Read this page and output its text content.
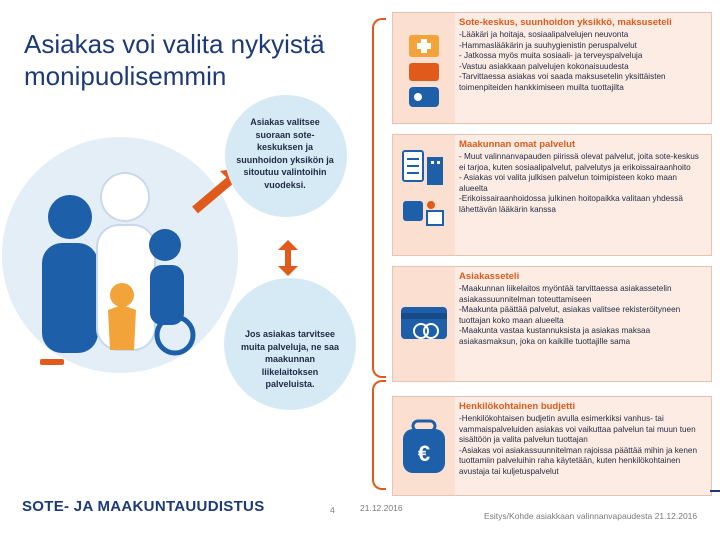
Asiakas voi valita nykyistä monipuolisemmin
Asiakas valitsee suoraan sote-keskuksen ja suunhoidon yksikön ja sitoutuu valintoihin vuodeksi.
Jos asiakas tarvitsee muita palveluja, ne saa maakunnan liikelaitoksen palveluista.
Sote-keskus, suunhoidon yksikkö, maksuseteli
-Lääkäri ja hoitaja, sosiaalipalvelujen neuvonta
-Hammaslääkärin ja suuhygienistin peruspalvelut
- Jatkossa myös muita sosiaali- ja terveyspalveluja
-Vastuu asiakkaan palvelujen kokonaisuudesta
-Tarvittaessa asiakas voi saada maksusetelin yksittäisten toimenpiteiden hankkimiseen muilta tuottajilta
Maakunnan omat palvelut
- Muut valinnanvapauden piirissä olevat palvelut, joita sote-keskus ei tarjoa, kuten sosiaalipalvelut, palvelutys ja erikoissairaanhoito
- Asiakas voi valita julkisen palvelun toimipisteen koko maan alueelta
-Erikoissairaanhoidossa julkinen hoitopaikka valitaan yhdessä lähettävän lääkärin kanssa
Asiakasseteli
-Maakunnan liikelaitos myöntää tarvittaessa asiakassetelin asiakassuunnitelman toteuttamiseen
-Maakunta päättää palvelut, asiakas valitsee rekisteröityneen tuottajan koko maan alueelta
-Maakunta vastaa kustannuksista ja asiakas maksaa asiakasmaksun, joka on kaikille tuottajille sama
€
Henkilökohtainen budjetti
-Henkilökohtaisen budjetin avulla esimerkiksi vanhus- tai vammaispalveluiden asiakas voi vaikuttaa palvelun tai muun tuen sisältöön ja valita palvelun tuottajan
-Asiakas voi asiakassuunnitelman rajoissa päättää mihin ja kenen tuottamiin palveluihin raha käytetään, kuten henkilökohtainen avustaja tai kuljetuspalvelut
SOTE- JA MAAKUNTAUUDISTUS	4	21.12.2016
Esitys/Kohde asiakkaan valinnanvapaudesta 21.12.2016
